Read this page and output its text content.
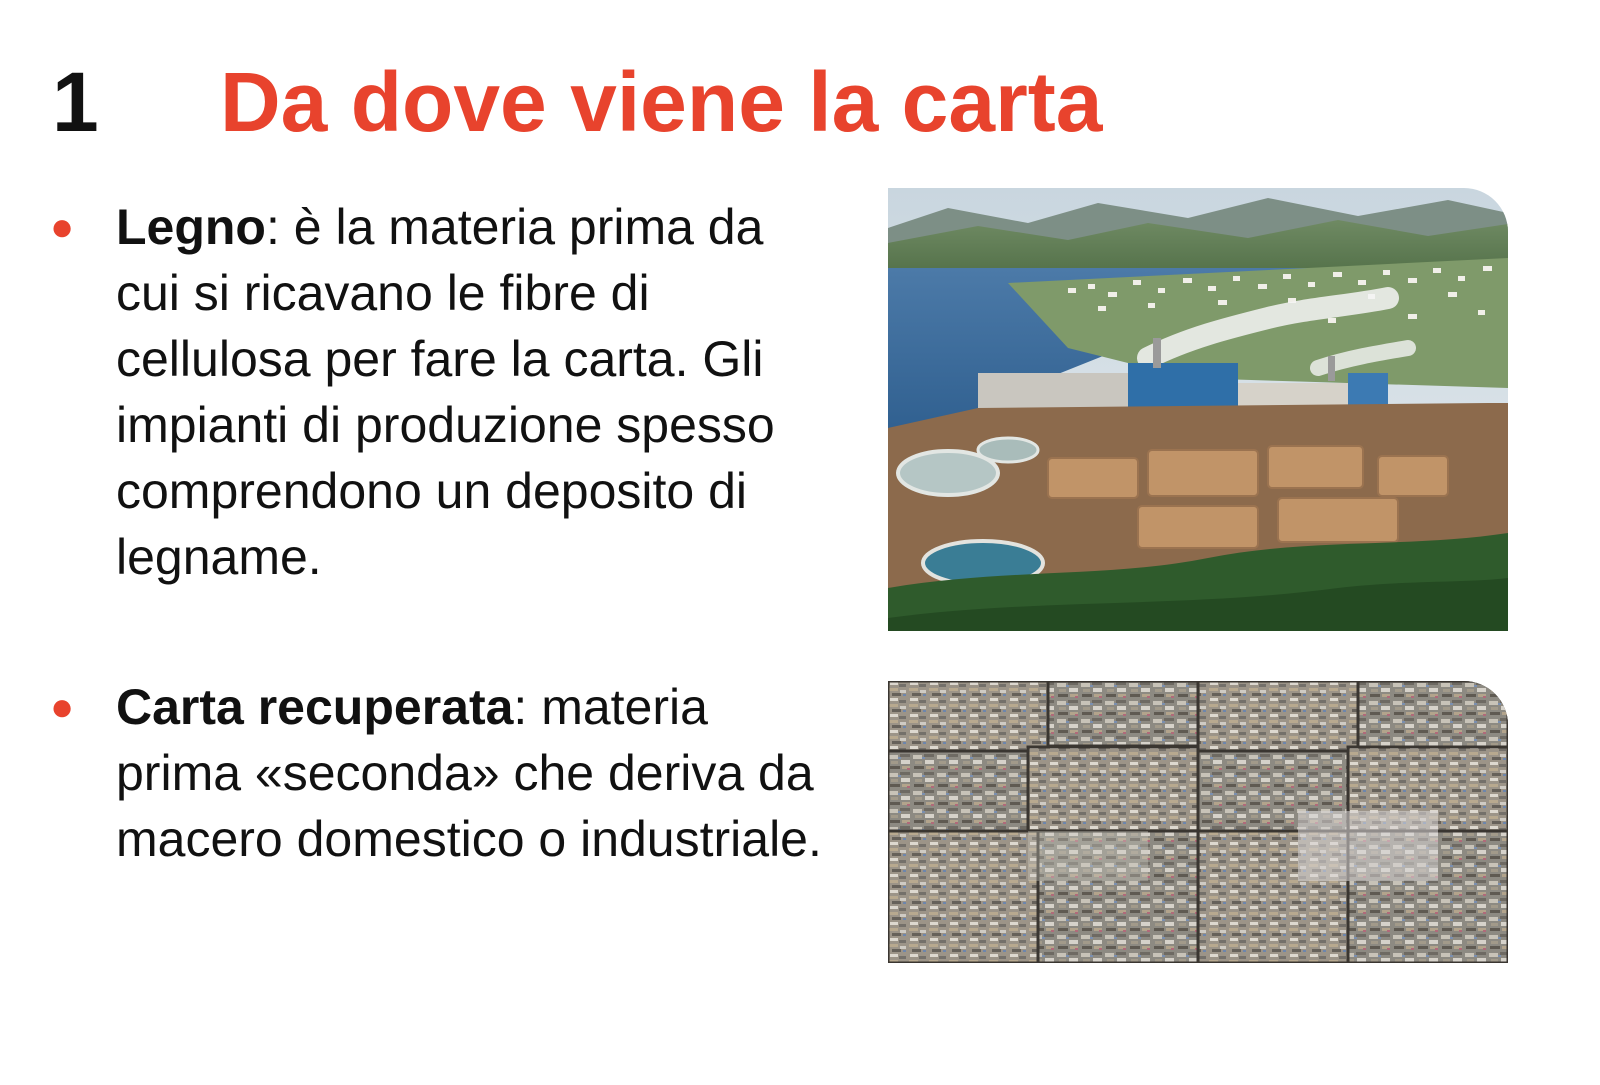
1 Da dove viene la carta
● Legno: è la materia prima da cui si ricavano le fibre di cellulosa per fare la carta. Gli impianti di produzione spesso comprendono un deposito di legname.
● Carta recuperata: materia prima «seconda» che deriva da macero domestico o industriale.
